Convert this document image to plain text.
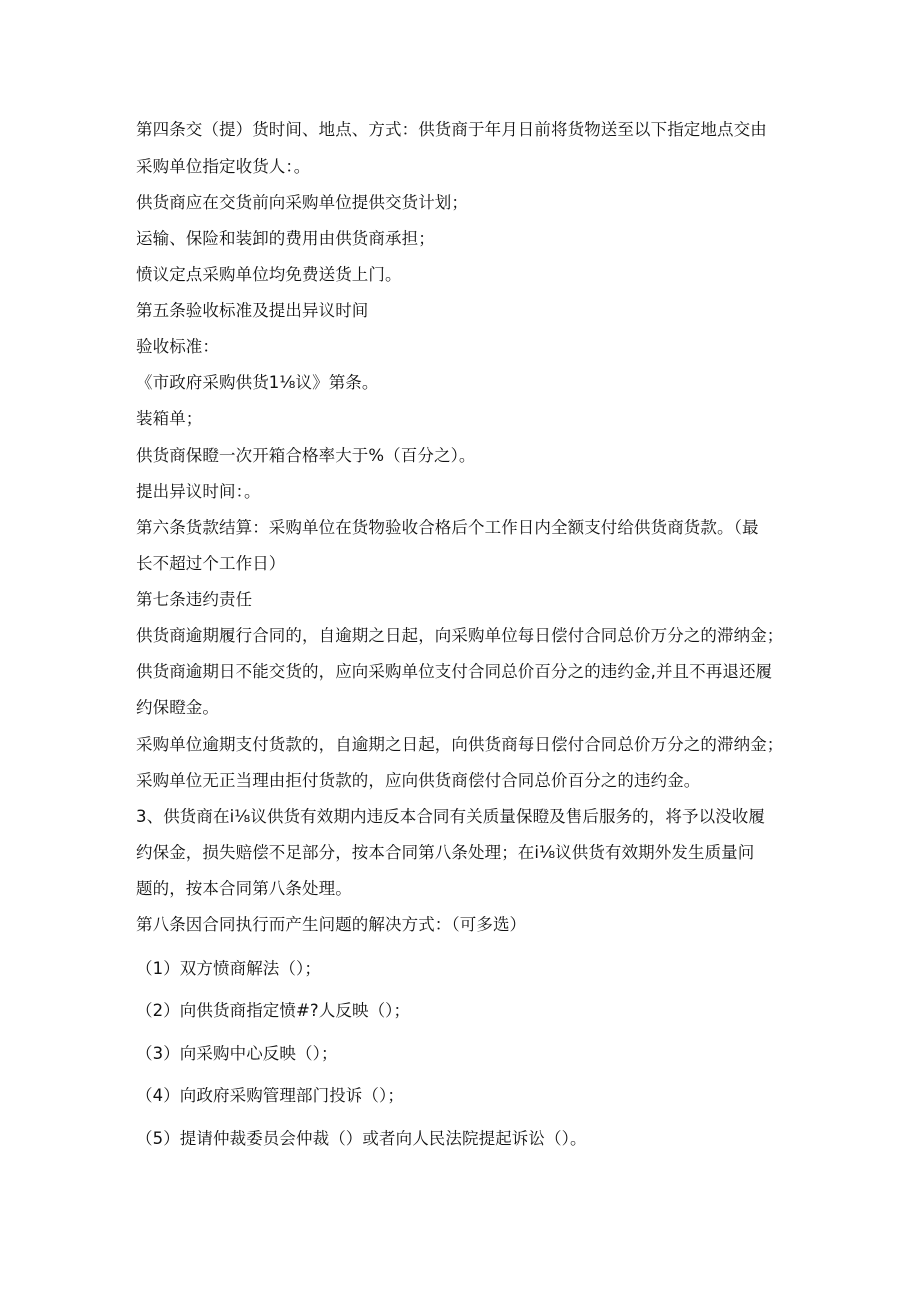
第四条交（提）货时间、地点、方式：供货商于年月日前将货物送至以下指定地点交由
采购单位指定收货人：。
供货商应在交货前向采购单位提供交货计划；
运输、保险和装卸的费用由供货商承担；
愤议定点采购单位均免费送货上门。
第五条验收标准及提出异议时间
验收标准：
《市政府采购供货1⅛议》第条。
装箱单；
供货商保瞪一次开箱合格率大于%（百分之）。
提出异议时间：。
第六条货款结算：采购单位在货物验收合格后个工作日内全额支付给供货商货款。（最
长不超过个工作日）
第七条违约责任
供货商逾期履行合同的，自逾期之日起，向采购单位每日偿付合同总价万分之的滞纳金；
供货商逾期日不能交货的，应向采购单位支付合同总价百分之的违约金,并且不再退还履
约保瞪金。
采购单位逾期支付货款的，自逾期之日起，向供货商每日偿付合同总价万分之的滞纳金；
采购单位无正当理由拒付货款的，应向供货商偿付合同总价百分之的违约金。
3、供货商在i⅛议供货有效期内违反本合同有关质量保瞪及售后服务的，将予以没收履
约保金，损失赔偿不足部分，按本合同第八条处理；在i⅛议供货有效期外发生质量问
题的，按本合同第八条处理。
第八条因合同执行而产生问题的解决方式：（可多选）
（1）双方愤商解法（）；
（2）向供货商指定愤#?人反映（）；
（3）向采购中心反映（）；
（4）向政府采购管理部门投诉（）；
（5）提请仲裁委员会仲裁（）或者向人民法院提起诉讼（）。
